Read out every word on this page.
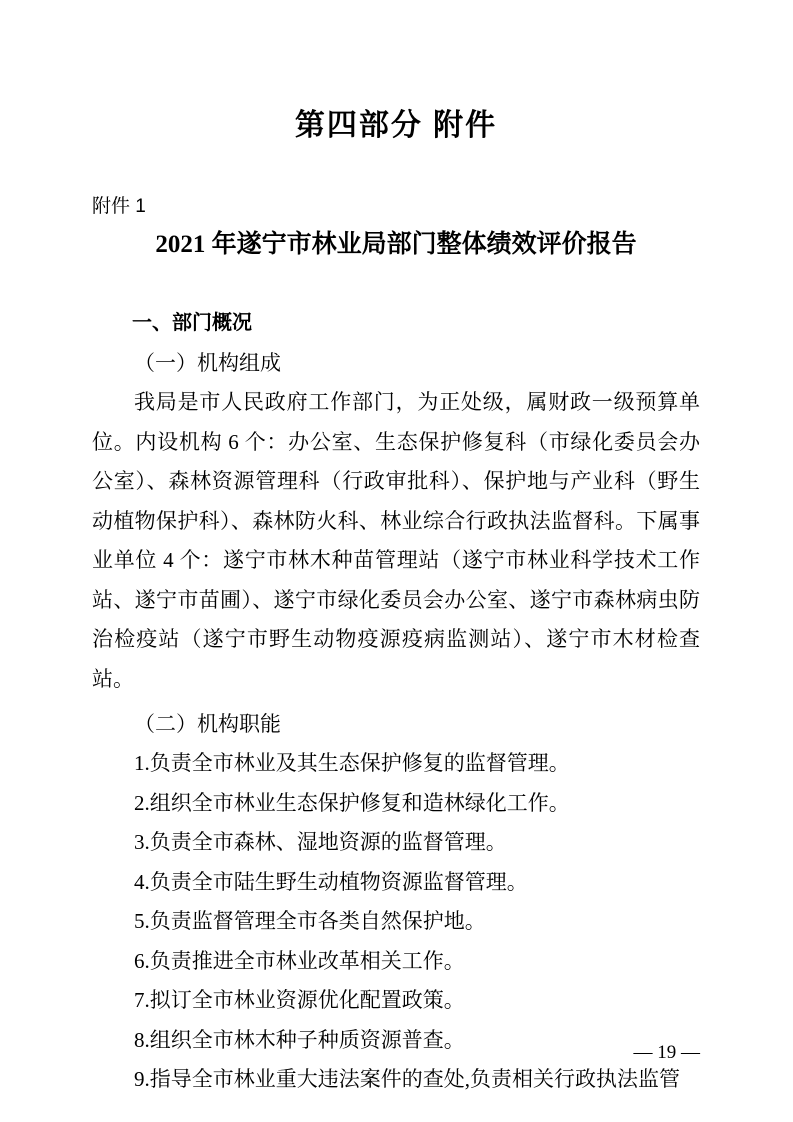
第四部分 附件
附件 1
2021 年遂宁市林业局部门整体绩效评价报告
一、部门概况
（一）机构组成

我局是市人民政府工作部门，为正处级，属财政一级预算单位。内设机构 6 个：办公室、生态保护修复科（市绿化委员会办公室）、森林资源管理科（行政审批科）、保护地与产业科（野生动植物保护科）、森林防火科、林业综合行政执法监督科。下属事业单位 4 个：遂宁市林木种苗管理站（遂宁市林业科学技术工作站、遂宁市苗圃）、遂宁市绿化委员会办公室、遂宁市森林病虫防治检疫站（遂宁市野生动物疫源疫病监测站）、遂宁市木材检查站。

（二）机构职能

1.负责全市林业及其生态保护修复的监督管理。

2.组织全市林业生态保护修复和造林绿化工作。

3.负责全市森林、湿地资源的监督管理。

4.负责全市陆生野生动植物资源监督管理。

5.负责监督管理全市各类自然保护地。

6.负责推进全市林业改革相关工作。

7.拟订全市林业资源优化配置政策。

8.组织全市林木种子种质资源普查。

9.指导全市林业重大违法案件的查处,负责相关行政执法监管

— 19 —
